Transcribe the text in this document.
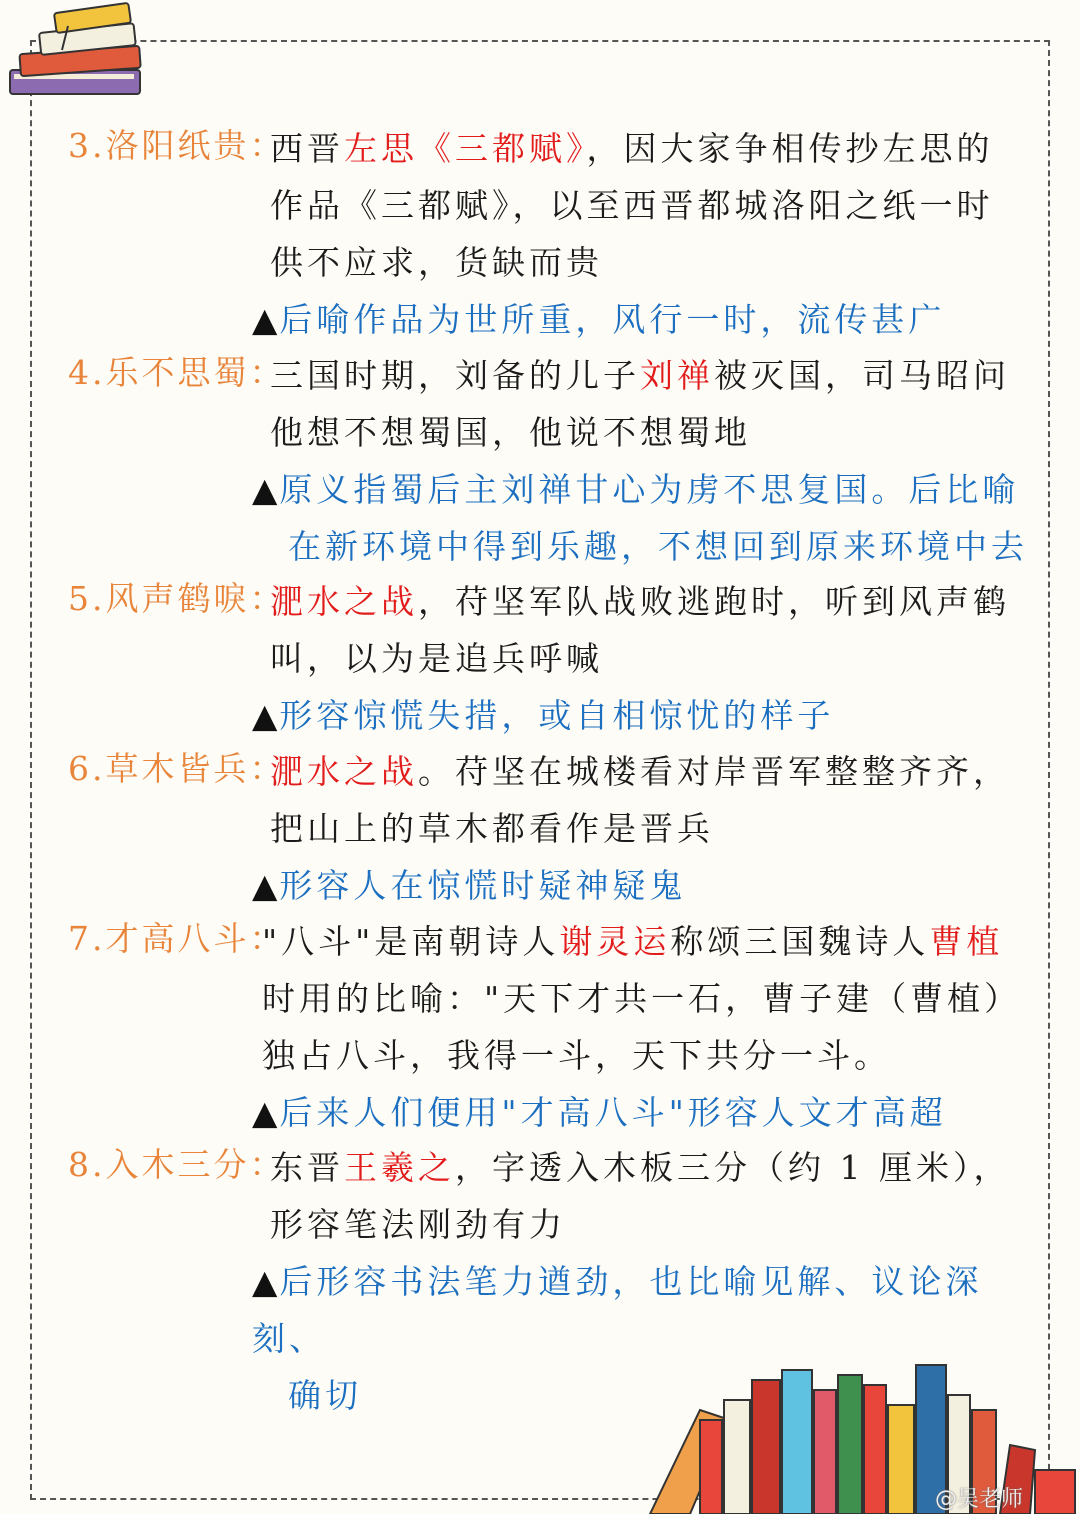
3.洛阳纸贵：
西晋左思《三都赋》，因大家争相传抄左思的作品《三都赋》，以至西晋都城洛阳之纸一时供不应求，货缺而贵
▲后喻作品为世所重，风行一时，流传甚广
4.乐不思蜀：
三国时期，刘备的儿子刘禅被灭国，司马昭问他想不想蜀国，他说不想蜀地
▲原义指蜀后主刘禅甘心为虏不思复国。后比喻
在新环境中得到乐趣，不想回到原来环境中去
5.风声鹤唳：
淝水之战，苻坚军队战败逃跑时，听到风声鹤叫，以为是追兵呼喊
▲形容惊慌失措，或自相惊忧的样子
6.草木皆兵：
淝水之战。苻坚在城楼看对岸晋军整整齐齐，把山上的草木都看作是晋兵
▲形容人在惊慌时疑神疑鬼
7.才高八斗：
"八斗"是南朝诗人谢灵运称颂三国魏诗人曹植时用的比喻："天下才共一石，曹子建（曹植）独占八斗，我得一斗，天下共分一斗。
▲后来人们便用"才高八斗"形容人文才高超
8.入木三分：
东晋王羲之，字透入木板三分（约 1 厘米），形容笔法刚劲有力
▲后形容书法笔力遒劲，也比喻见解、议论深刻、
确切
@吴老师
